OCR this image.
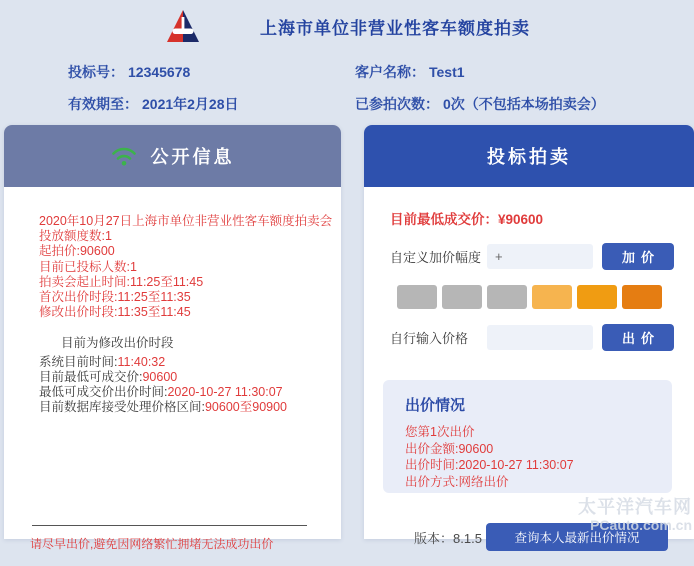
上海市单位非营业性客车额度拍卖
投标号： 12345678	客户名称： Test1
有效期至： 2021年2月28日	已参拍次数： 0次（不包括本场拍卖会）
公开信息
2020年10月27日上海市单位非营业性客车额度拍卖会
投放额度数:1
起拍价:90600
目前已投标人数:1
拍卖会起止时间:11:25至11:45
首次出价时段:11:25至11:35
修改出价时段:11:35至11:45
目前为修改出价时段
系统目前时间:11:40:32
目前最低可成交价:90600
最低可成交价出价时间:2020-10-27 11:30:07
目前数据库接受处理价格区间:90600至90900
请尽早出价,避免因网络繁忙拥堵无法成功出价
投标拍卖
目前最低成交价：¥90600
自定义加价幅度
+	加价
自行输入价格	出价
出价情况
您第1次出价
出价金额:90600
出价时间:2020-10-27 11:30:07
出价方式:网络出价
版本：8.1.5	查询本人最新出价情况
太平洋汽车网
PCauto.com.cn
